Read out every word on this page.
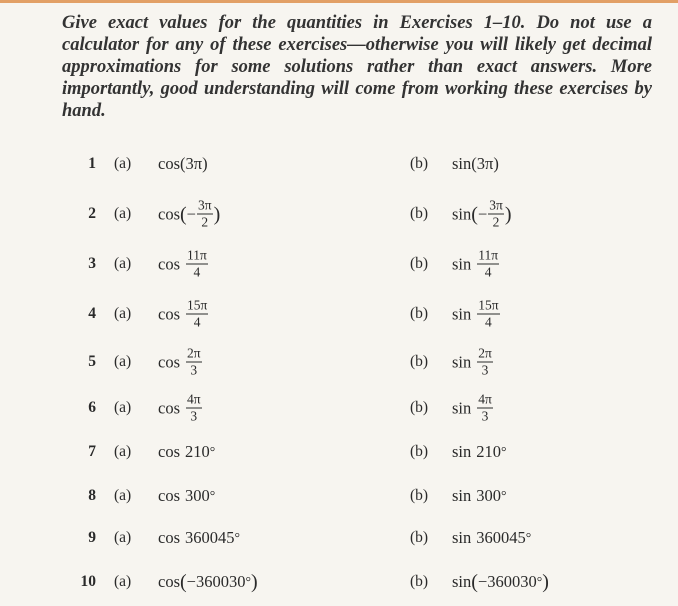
Give exact values for the quantities in Exercises 1–10. Do not use a calculator for any of these exercises—otherwise you will likely get decimal approximations for some solutions rather than exact answers. More importantly, good understanding will come from working these exercises by hand.
1 (a) cos (3π)	(b) sin (3π)
2 (a) cos ( − $\frac{3\pi}{2}$ )	(b) sin ( − $\frac{3\pi}{2}$ )
3 (a) $\cos \frac{11\pi}{4}$	(b) $\sin \frac{11\pi}{4}$
4 (a) $\cos \frac{15\pi}{4}$	(b) $\sin \frac{15\pi}{4}$
5 (a) $\cos \frac{2\pi}{3}$	(b) $\sin \frac{2\pi}{3}$
6 (a) $\cos \frac{4\pi}{3}$	(b) $\sin \frac{4\pi}{3}$
7 (a) cos 210 °	(b) sin 210 °
8 (a) cos 300 °	(b) sin 300 °
9 (a) cos 360045 °	(b) sin 360045 °
10 (a) cos ( −360030 ° )	(b) sin ( −360030 ° )
